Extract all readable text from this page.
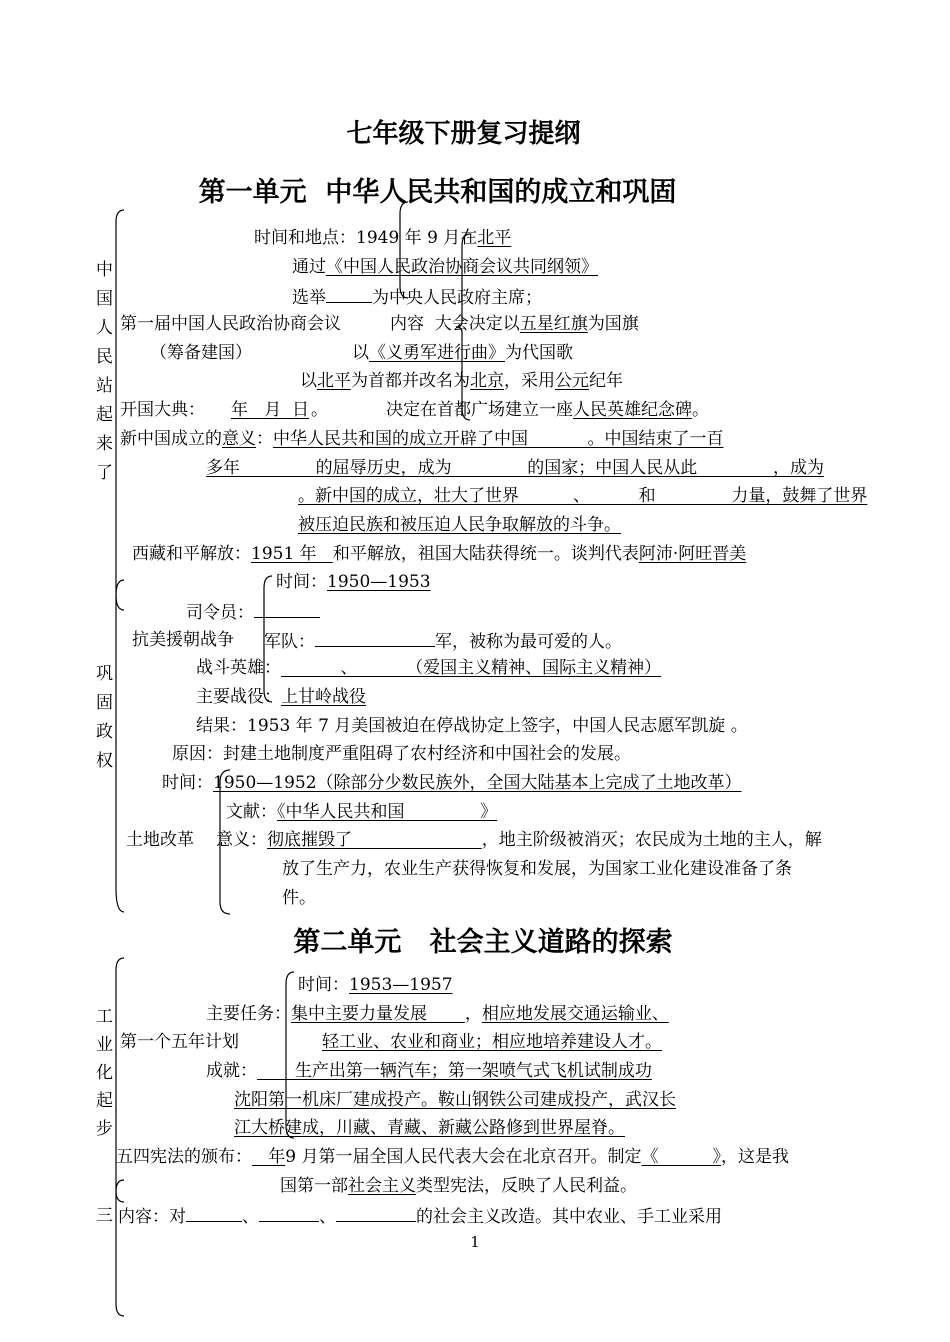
七年级下册复习提纲
第一单元  中华人民共和国的成立和巩固
中
国
人
民
站
起
来
了
巩
固
政
权
时间和地点：1949 年 9 月在北平
通过《中国人民政治协商会议共同纲领》
选举	为中央人民政府主席；
第一届中国人民政治协商会议	内容  大会决定以五星红旗为国旗
（筹备建国）	以《义勇军进行曲》为代国歌
以北平为首都并改名为北京，采用公元纪年
开国大典： 年   月  日 。	决定在首都广场建立一座人民英雄纪念碑。
新中国成立的意义：中华人民共和国的成立开辟了中国           。中国结束了一百
多年              的屈辱历史，成为              的国家；中国人民从此              ，成为
。新中国的成立，壮大了世界          、         和              力量，鼓舞了世界
被压迫民族和被压迫人民争取解放的斗争。
西藏和平解放：1951 年   和平解放，祖国大陆获得统一。谈判代表阿沛·阿旺晋美
时间：1950—1953
司令员：
抗美援朝战争 军队：	军，被称为最可爱的人。
战斗英雄：           、         （爱国主义精神、国际主义精神）
主要战役：上甘岭战役
结果：1953 年 7 月美国被迫在停战协定上签字，中国人民志愿军凯旋 。
原因：封建土地制度严重阻碍了农村经济和中国社会的发展。
时间：1950—1952（除部分少数民族外，全国大陆基本上完成了土地改革）
文献：《中华人民共和国              》
土地改革 意义：彻底摧毁了                        ，地主阶级被消灭；农民成为土地的主人，解
放了生产力，农业生产获得恢复和发展，为国家工业化建设准备了条
件。
第二单元   社会主义道路的探索
工
业
化
起
步
三
时间：1953—1957
主要任务：集中主要力量发展       ，相应地发展交通运输业、
第一个五年计划	轻工业、农业和商业；相应地培养建设人才。
成就：       生产出第一辆汽车；第一架喷气式飞机试制成功
沈阳第一机床厂建成投产。鞍山钢铁公司建成投产，武汉长
江大桥建成，川藏、青藏、新藏公路修到世界屋脊。
五四宪法的颁布：   年9 月第一届全国人民代表大会在北京召开。制定《          》，这是我
国第一部社会主义类型宪法，反映了人民利益。
内容：对	、	、	的社会主义改造。其中农业、手工业采用
1
